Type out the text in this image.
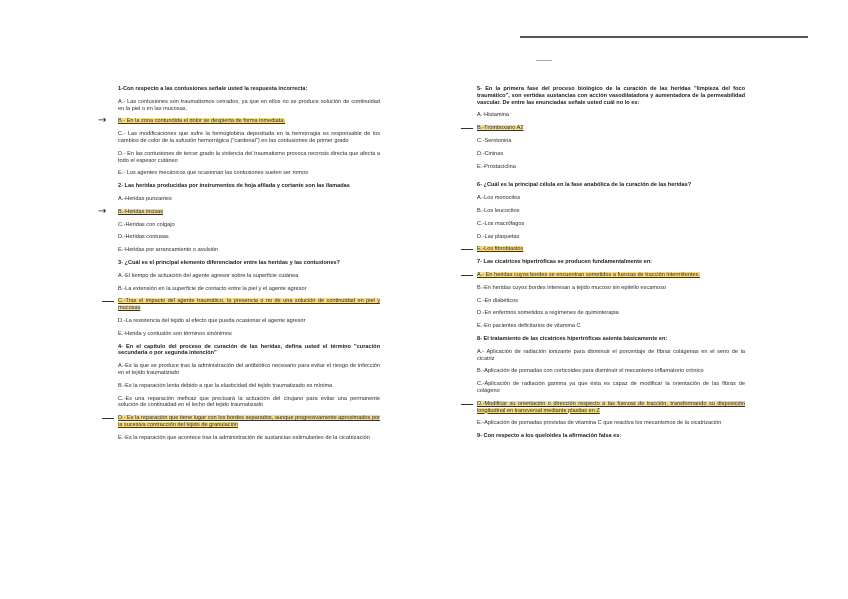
1-Con respecto a las contusiones señale usted la respuesta incorrecta:

A.- Las contusiones son traumatismos cerrados, ya que en ellos no se produce solución de continuidad en la piel o en las mucosas.

B.- En la zona contundida el dolor se despierta de forma inmediata.
→

C.- Las modificaciones que sufre la hemoglobina depositada en la hemorragia es responsable de los cambios de color de la sufusión hemorrágica ("cardenal") en las contusiones de primer grado

D.- En las contusiones de tercer grado la violencia del traumatismo provoca necrosis directa que afecta a todo el espesor cutáneo

E.- Los agentes mecánicos que ocasionan las contusiones suelen ser romos

2- Las heridas producidas por instrumentos de hoja afilada y cortante son las llamadas

A.-Heridas punzantes

B.-Heridas incisas
→

C.-Heridas con colgajo

D.-Heridas contusas

E.-Heridas por arrancamiento o avulsión

3- ¿Cuál es el principal elemento diferenciador entre las heridas y las contusiones?

A.-El tiempo de actuación del agente agresor sobre la superficie cutánea

B.-La extensión en la superficie de contacto entre la piel y el agente agresor

C.-Tras el impacto del agente traumático, la presencia o no de una solución de continuidad en piel y mucosas

D.-La resistencia del tejido al efecto que pueda ocasionar el agente agresor

E.-Herida y contusión son términos sinónimos

4- En el capítulo del proceso de curación de las heridas, defina usted el término "curación secundaria o por segunda intención"

A.-Es la que se produce tras la administración del antibiótico necesario para evitar el riesgo de infección en el tejido traumatizado

B.-Es la reparación lenta debido a que la elasticidad del tejido traumatizado es mínima

C.-Es una reparación ineficaz que precisará la actuación del cirujano para evitar una permanente solución de continuidad en el lecho del tejido traumatizado

D.- Es la reparación que tiene lugar con los bordes separados, aunque progresivamente aproximados por la sucesiva contracción del tejido de granulación

E.-Es la reparación que acontece tras la administración de sustancias estimulantes de la cicatrización

5- En la primera fase del proceso biológico de la curación de las heridas "limpieza del foco traumático", son vertidas sustancias con acción vasodilatadora y aumentadora de la permeabilidad vascular. De entre las enunciadas señale usted cuál no lo es:

A.-Histamina

B.-Tromboxano A2

C.-Serotonina

D.-Cininas

E.-Prostaciclina

6- ¿Cuál es la principal célula en la fase anabólica de la curación de las heridas?

A.-Los monocitos

B.-Los leucocitos

C.-Los macrófagos

D.-Las plaquetas

E.-Los fibroblastos

7- Las cicatrices hipertróficas se producen fundamentalmente en:

A.- En heridas cuyos bordes se encuentran sometidos a fuerzas de tracción intermitentes.

B.-En heridas cuyos bordes interesan a tejido mucoso sin epitelio escamoso

C.-En diabéticos

D.-En enfermos sometidos a regímenes de quimioterapia

E.-En pacientes deficitarios de vitamina C

8- El tratamiento de las cicatrices hipertróficas asienta básicamente en:

A.- Aplicación de radiación ionizante para disminuir el porcentaje de fibras colágenas en el seno de la cicatriz

B.-Aplicación de pomadas con corticoides para disminuir el mecanismo inflamatorio crónico

C.-Aplicación de radiación gamma ya que ésta es capaz de modificar la orientación de las fibras de colágeno

D.-Modificar su orientación o dirección respecto a las fuerzas de tracción, transformando su disposición longitudinal en transversal mediante plastias en Z

E.-Aplicación de pomadas provistas de vitamina C que reactiva los mecanismos de la cicatrización

9- Con respecto a los queloides la afirmación falsa es:
